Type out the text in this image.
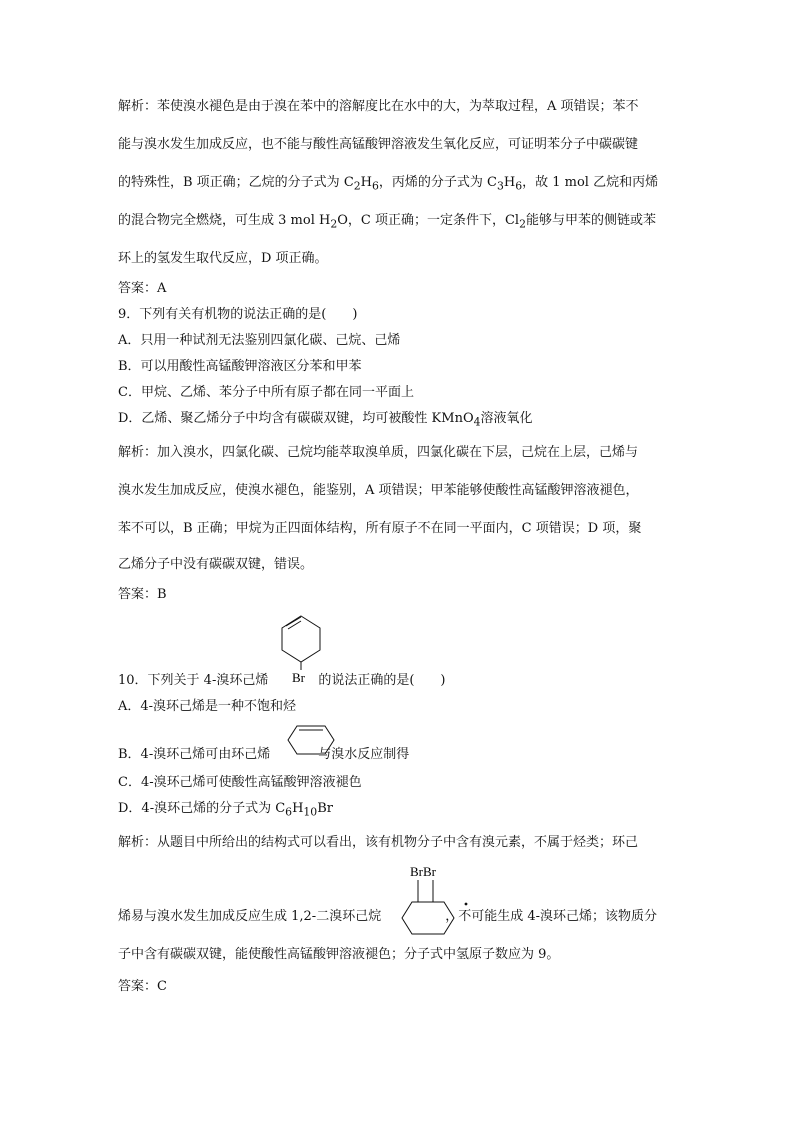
解析：苯使溴水褪色是由于溴在苯中的溶解度比在水中的大，为萃取过程，A 项错误；苯不
能与溴水发生加成反应，也不能与酸性高锰酸钾溶液发生氧化反应，可证明苯分子中碳碳键
的特殊性，B 项正确；乙烷的分子式为 $C_2H_6$，丙烯的分子式为 $C_3H_6$，故 1 mol 乙烷和丙烯
的混合物完全燃烧，可生成 3 mol $H_2O$，C 项正确；一定条件下，$Cl_2$能够与甲苯的侧链或苯
环上的氢发生取代反应，D 项正确。
答案：A
9．下列有关有机物的说法正确的是(　　)
A．只用一种试剂无法鉴别四氯化碳、己烷、己烯
B．可以用酸性高锰酸钾溶液区分苯和甲苯
C．甲烷、乙烯、苯分子中所有原子都在同一平面上
D．乙烯、聚乙烯分子中均含有碳碳双键，均可被酸性 KMnO$_4$溶液氧化
解析：加入溴水，四氯化碳、己烷均能萃取溴单质，四氯化碳在下层，己烷在上层，己烯与
溴水发生加成反应，使溴水褪色，能鉴别，A 项错误；甲苯能够使酸性高锰酸钾溶液褪色，
苯不可以，B 正确；甲烷为正四面体结构，所有原子不在同一平面内，C 项错误；D 项，聚
乙烯分子中没有碳碳双键，错误。
答案：B
Br
10．下列关于 4-溴环己烯	的说法正确的是(　　)
A．4-溴环己烯是一种不饱和烃
B．4-溴环己烯可由环己烯	与溴水反应制得
C．4-溴环己烯可使酸性高锰酸钾溶液褪色
D．4-溴环己烯的分子式为 $C_6H_{10}Br$
解析：从题目中所给出的结构式可以看出，该有机物分子中含有溴元素，不属于烃类；环己
BrBr
烯易与溴水发生加成反应生成 1,2-二溴环己烷	，不可能生成 4-溴环己烯；该物质分
子中含有碳碳双键，能使酸性高锰酸钾溶液褪色；分子式中氢原子数应为 9。
答案：C
